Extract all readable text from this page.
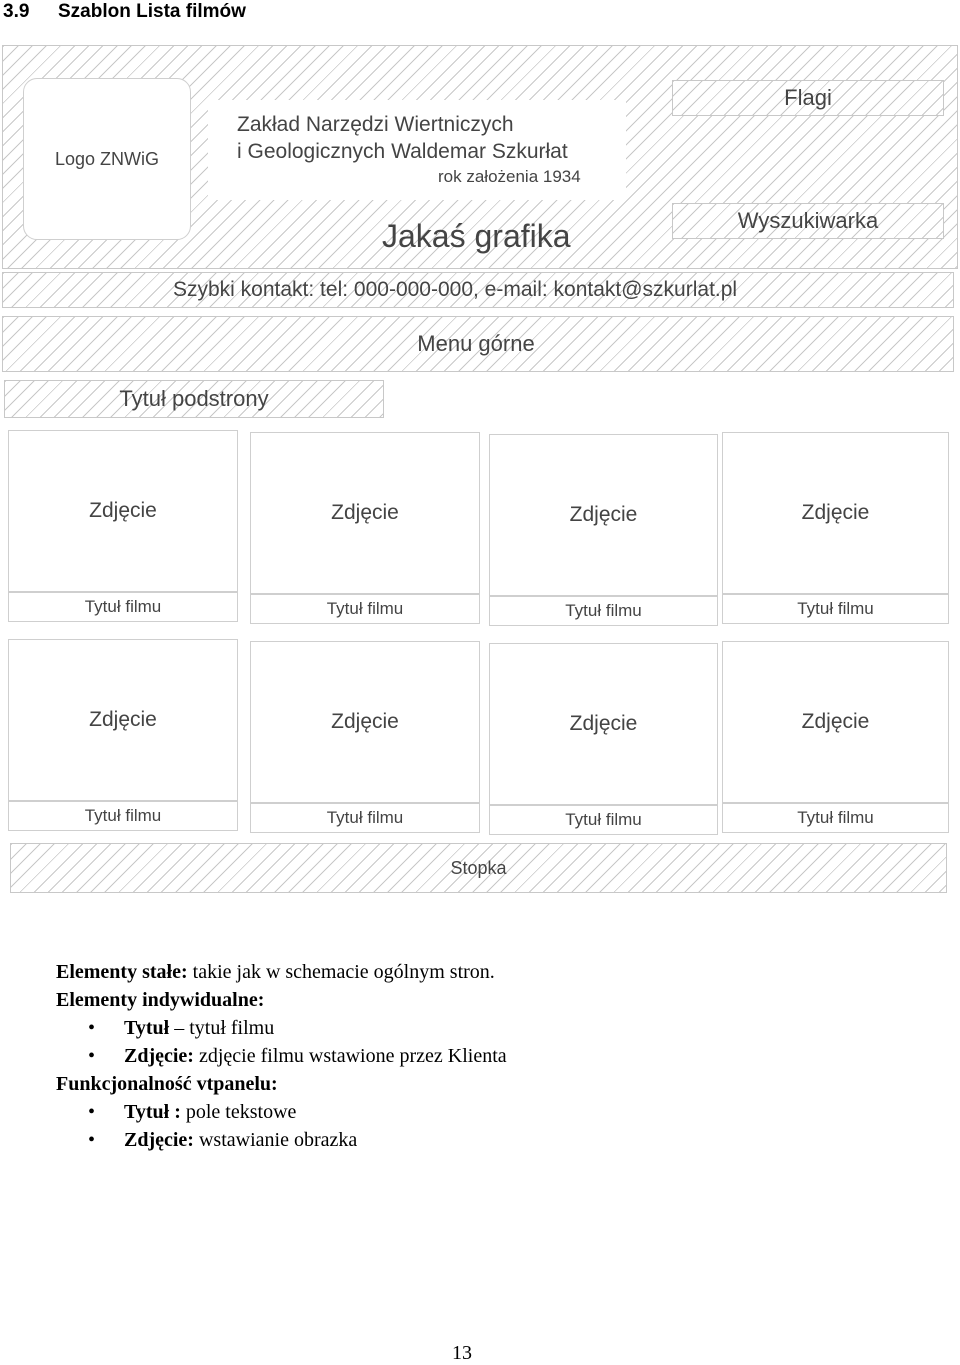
3.9 Szablon Lista filmów
Logo ZNWiG
Zakład Narzędzi Wiertniczych
i Geologicznych Waldemar Szkurłat
rok założenia 1934
Jakaś grafika
Flagi
Wyszukiwarka
Szybki kontakt: tel: 000-000-000, e-mail: kontakt@szkurlat.pl
Menu górne
Tytuł podstrony
Zdjęcie
Tytuł filmu
Zdjęcie
Tytuł filmu
Zdjęcie
Tytuł filmu
Zdjęcie
Tytuł filmu
Zdjęcie
Tytuł filmu
Zdjęcie
Tytuł filmu
Zdjęcie
Tytuł filmu
Zdjęcie
Tytuł filmu
Stopka
Elementy stałe: takie jak w schemacie ogólnym stron.
Elementy indywidualne:
• Tytuł – tytuł filmu
• Zdjęcie: zdjęcie filmu wstawione przez Klienta
Funkcjonalność vtpanelu:
• Tytuł : pole tekstowe
• Zdjęcie: wstawianie obrazka
13
